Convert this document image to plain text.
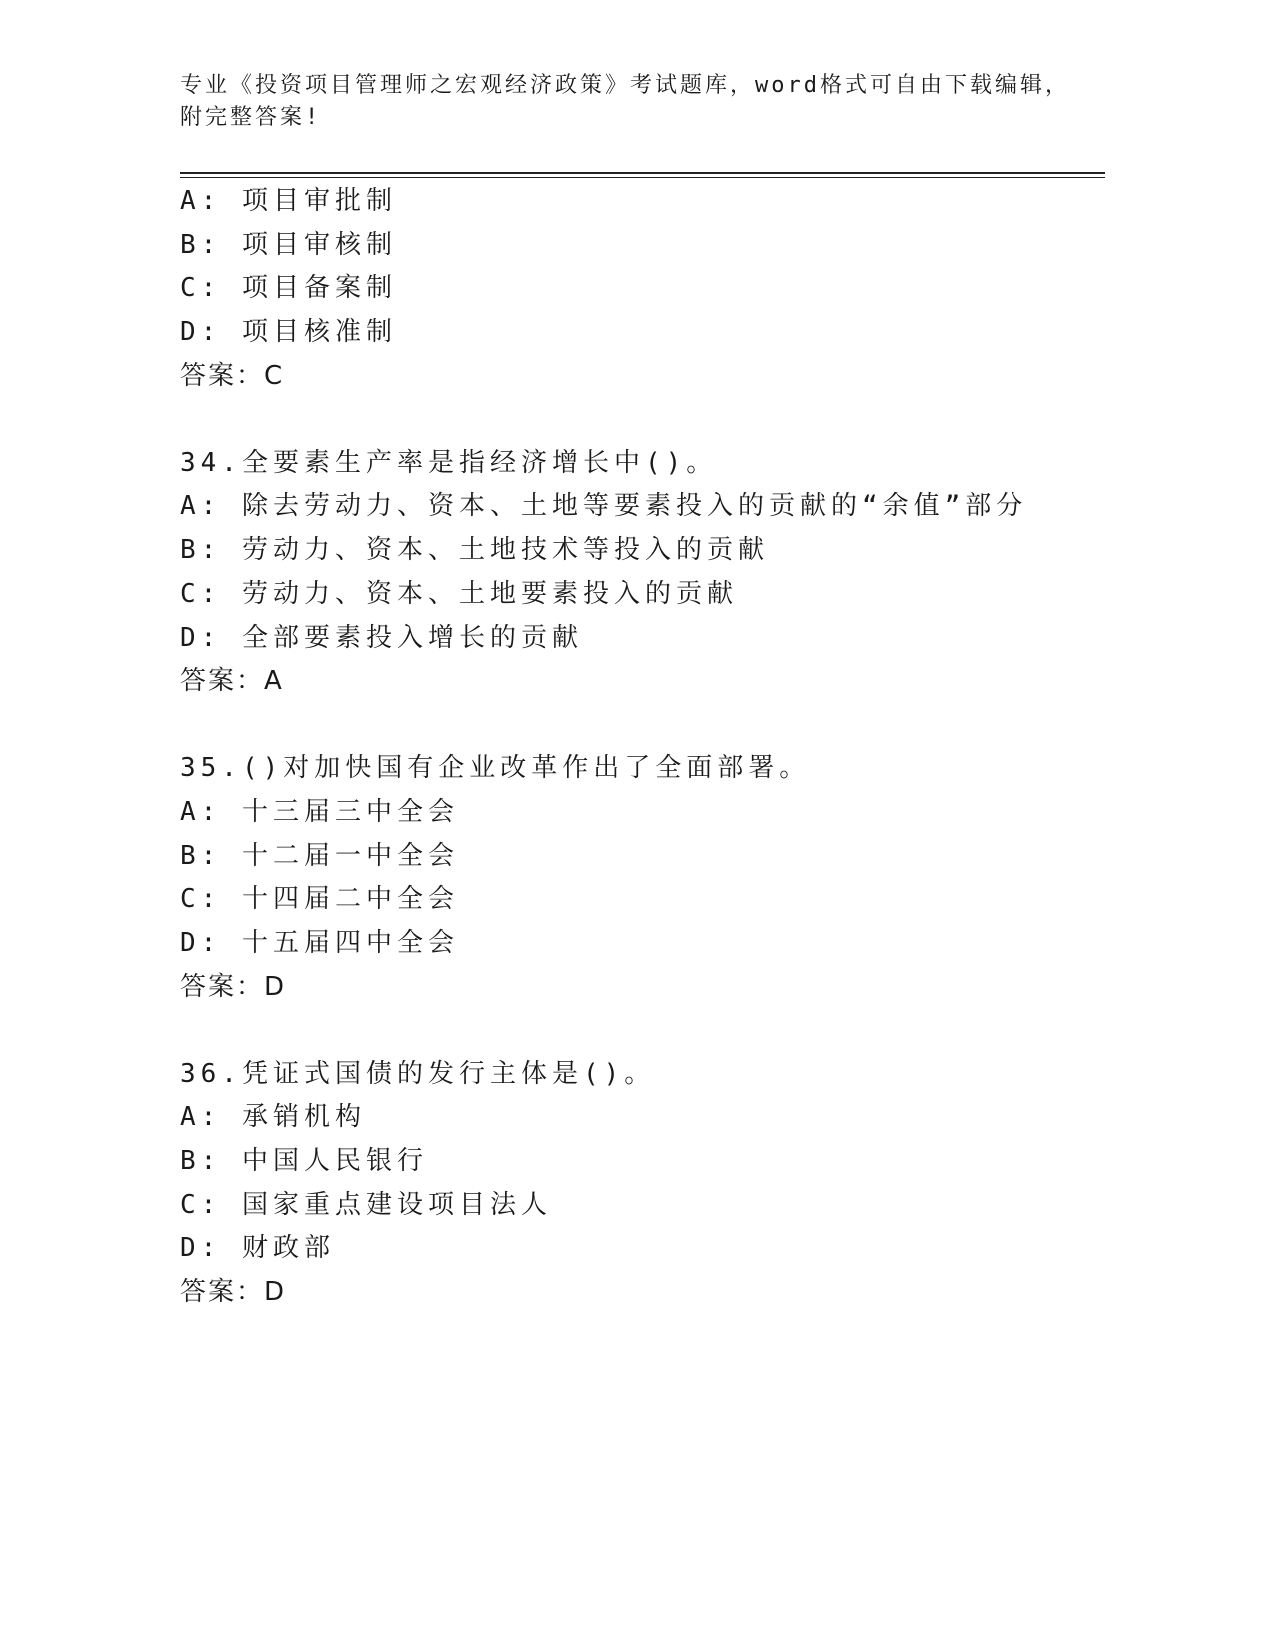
专业《投资项目管理师之宏观经济政策》考试题库，word格式可自由下载编辑，

附完整答案!

A: 项目审批制
B: 项目审核制
C: 项目备案制
D: 项目核准制
答案：C
34.全要素生产率是指经济增长中()。
A: 除去劳动力、资本、土地等要素投入的贡献的“余值”部分
B: 劳动力、资本、土地技术等投入的贡献
C: 劳动力、资本、土地要素投入的贡献
D: 全部要素投入增长的贡献
答案：A
35.()对加快国有企业改革作出了全面部署。
A: 十三届三中全会
B: 十二届一中全会
C: 十四届二中全会
D: 十五届四中全会
答案：D
36.凭证式国债的发行主体是()。
A: 承销机构
B: 中国人民银行
C: 国家重点建设项目法人
D: 财政部
答案：D
